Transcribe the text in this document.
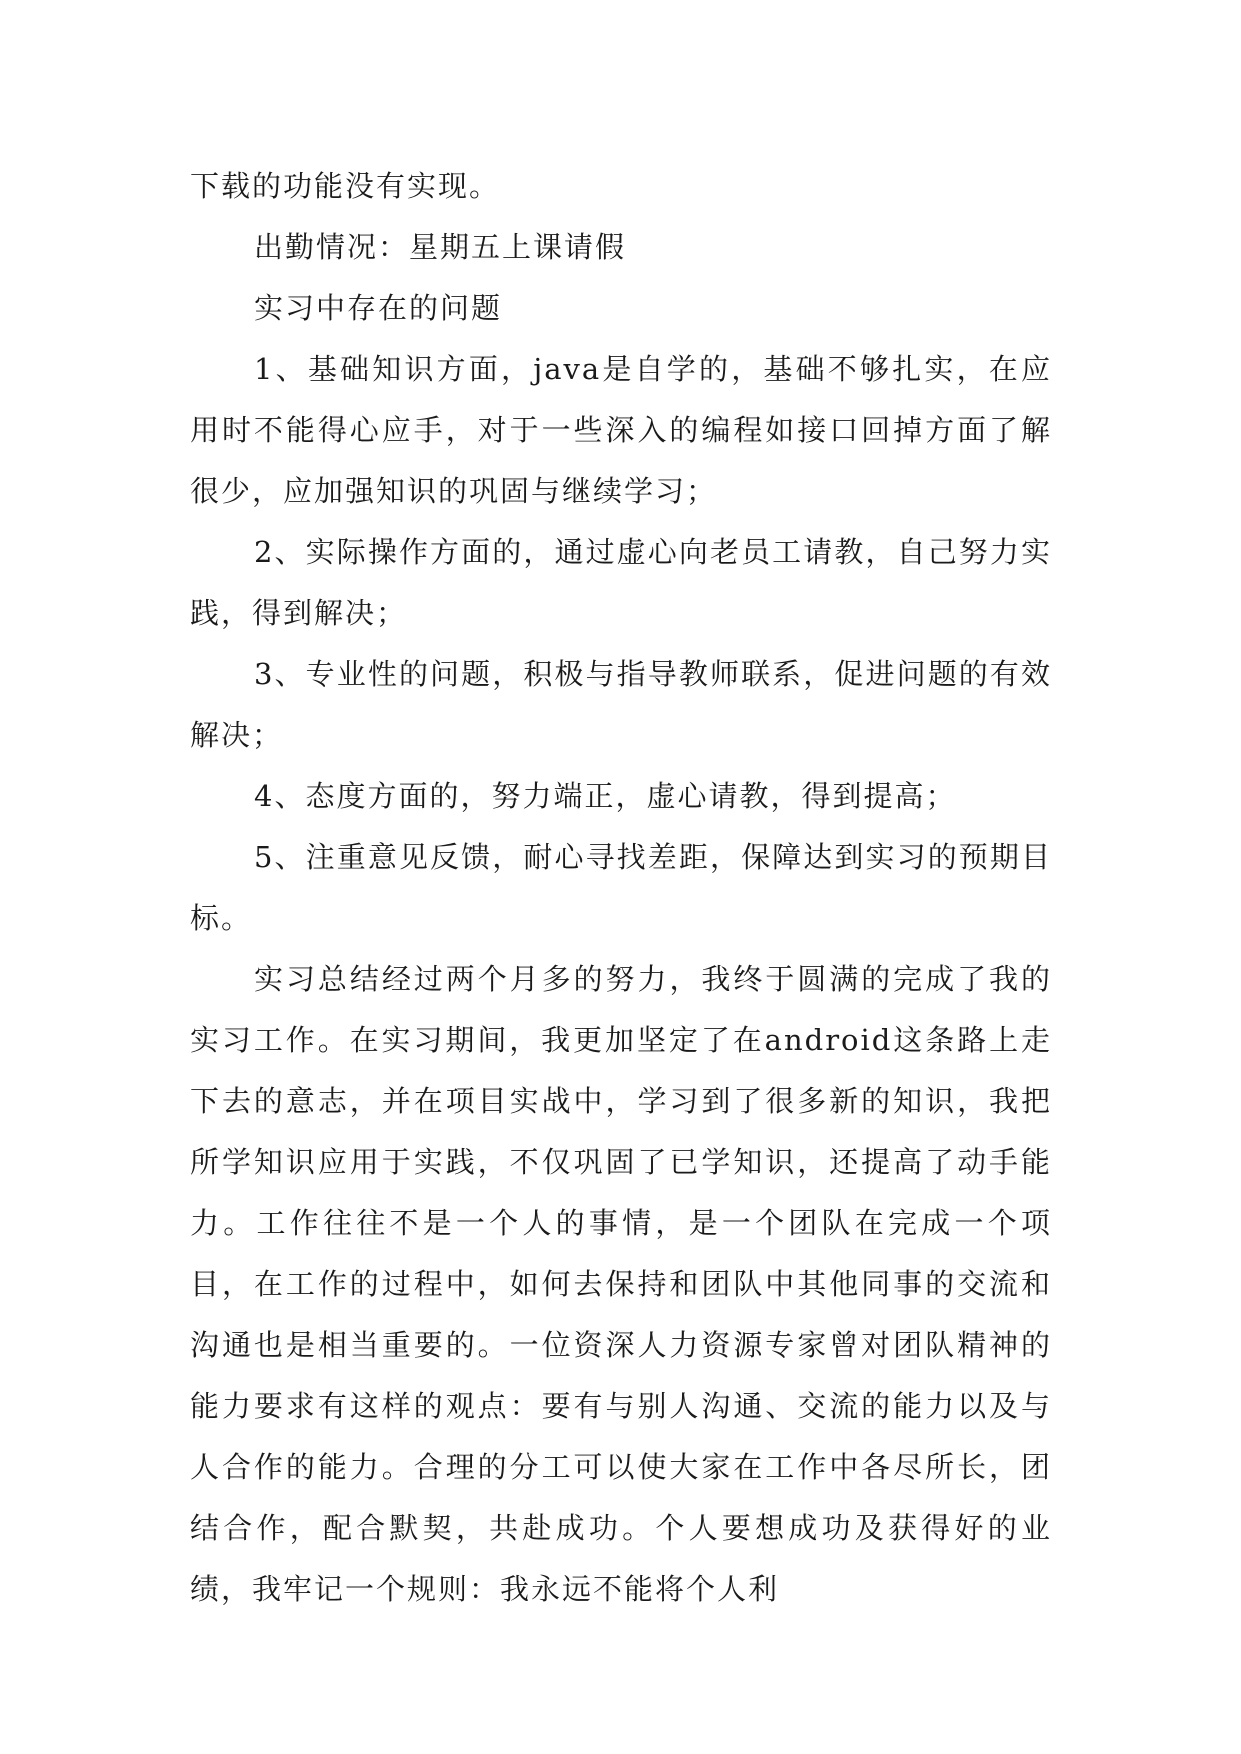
下载的功能没有实现。

出勤情况：星期五上课请假

实习中存在的问题

1、基础知识方面，java是自学的，基础不够扎实，在应用时不能得心应手，对于一些深入的编程如接口回掉方面了解很少，应加强知识的巩固与继续学习；

2、实际操作方面的，通过虚心向老员工请教，自己努力实践，得到解决；

3、专业性的问题，积极与指导教师联系，促进问题的有效解决；

4、态度方面的，努力端正，虚心请教，得到提高；

5、注重意见反馈，耐心寻找差距，保障达到实习的预期目标。

实习总结经过两个月多的努力，我终于圆满的完成了我的实习工作。在实习期间，我更加坚定了在android这条路上走下去的意志，并在项目实战中，学习到了很多新的知识，我把所学知识应用于实践，不仅巩固了已学知识，还提高了动手能力。工作往往不是一个人的事情，是一个团队在完成一个项目，在工作的过程中，如何去保持和团队中其他同事的交流和沟通也是相当重要的。一位资深人力资源专家曾对团队精神的能力要求有这样的观点：要有与别人沟通、交流的能力以及与人合作的能力。合理的分工可以使大家在工作中各尽所长，团结合作，配合默契，共赴成功。个人要想成功及获得好的业绩，我牢记一个规则：我永远不能将个人利
